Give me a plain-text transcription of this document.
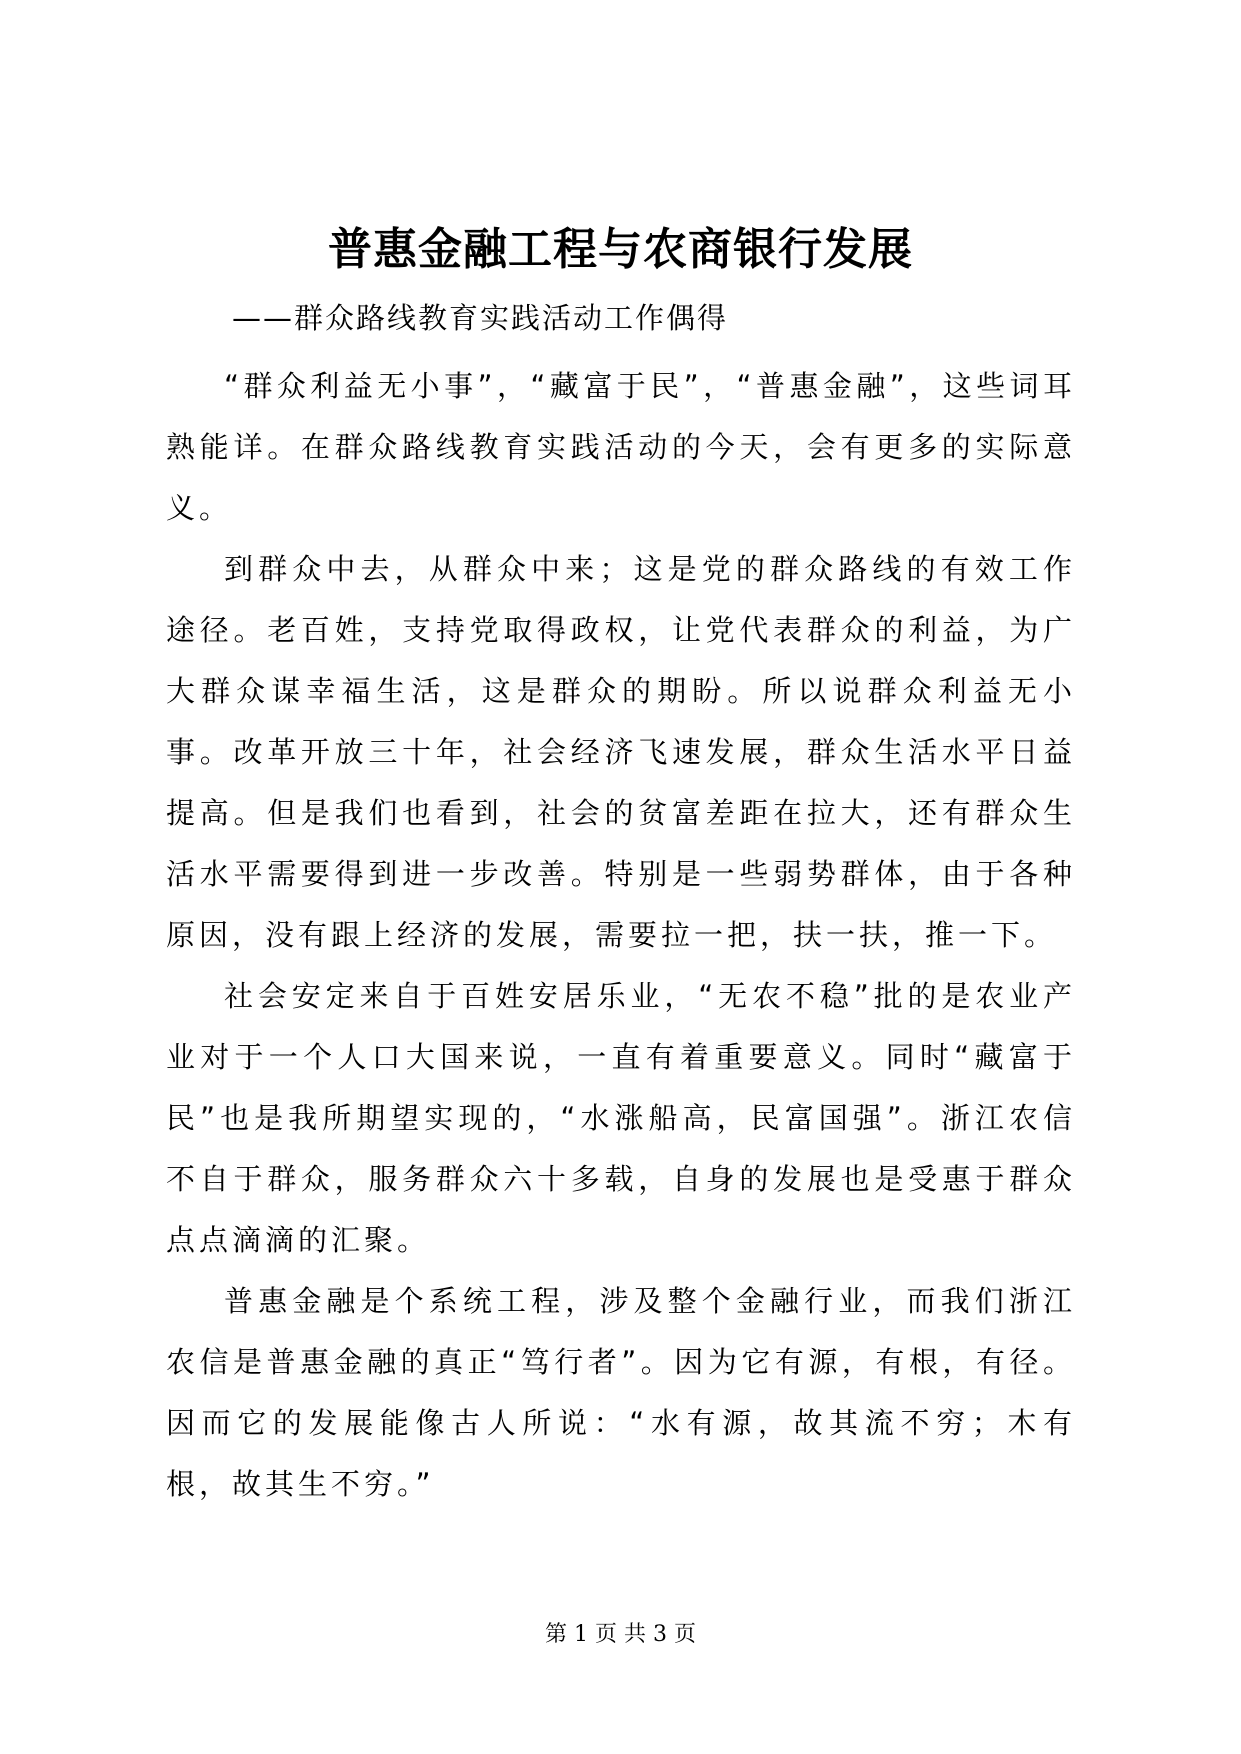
普惠金融工程与农商银行发展
——群众路线教育实践活动工作偶得

“群众利益无小事”，“藏富于民”，“普惠金融”，这些词耳熟能详。在群众路线教育实践活动的今天，会有更多的实际意义。

到群众中去，从群众中来；这是党的群众路线的有效工作途径。老百姓，支持党取得政权，让党代表群众的利益，为广大群众谋幸福生活，这是群众的期盼。所以说群众利益无小事。改革开放三十年，社会经济飞速发展，群众生活水平日益提高。但是我们也看到，社会的贫富差距在拉大，还有群众生活水平需要得到进一步改善。特别是一些弱势群体，由于各种原因，没有跟上经济的发展，需要拉一把，扶一扶，推一下。

社会安定来自于百姓安居乐业，“无农不稳”批的是农业产业对于一个人口大国来说，一直有着重要意义。同时“藏富于民”也是我所期望实现的，“水涨船高，民富国强”。浙江农信不自于群众，服务群众六十多载，自身的发展也是受惠于群众点点滴滴的汇聚。

普惠金融是个系统工程，涉及整个金融行业，而我们浙江农信是普惠金融的真正“笃行者”。因为它有源，有根，有径。因而它的发展能像古人所说：“水有源，故其流不穷；木有根，故其生不穷。”

第 1 页 共 3 页
